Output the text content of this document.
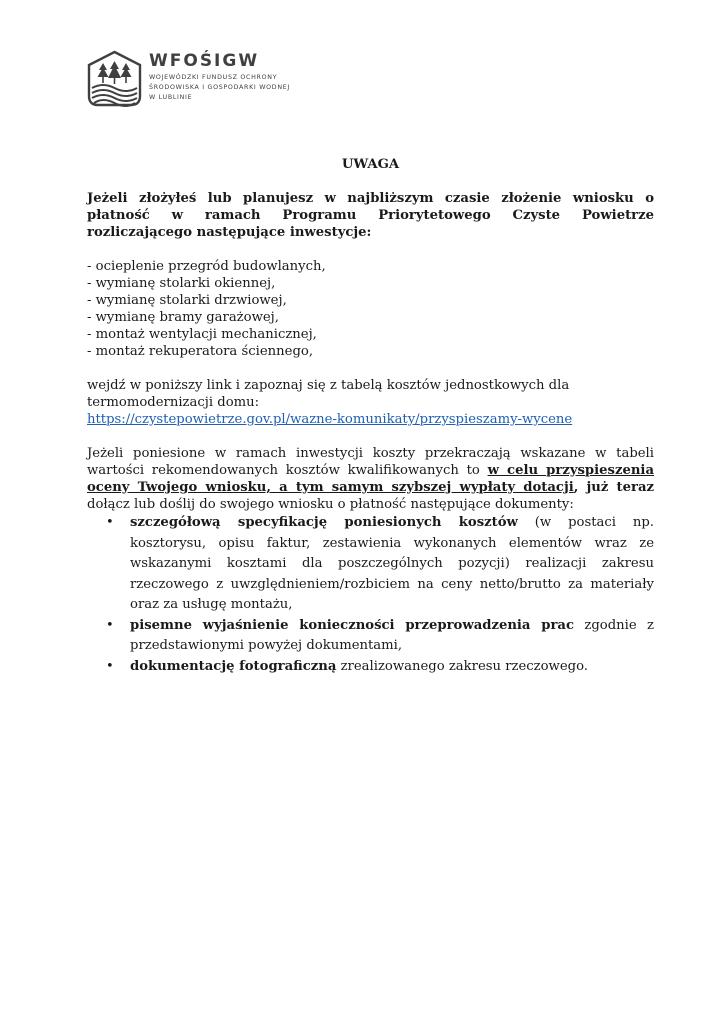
WFOŚIGW
WOJEWÓDZKI FUNDUSZ OCHRONY
ŚRODOWISKA I GOSPODARKI WODNEJ
W LUBLINIE
UWAGA

Jeżeli złożyłeś lub planujesz w najbliższym czasie złożenie wniosku o płatność w ramach Programu Priorytetowego Czyste Powietrze rozliczającego następujące inwestycje:

- ocieplenie przegród budowlanych,
- wymianę stolarki okiennej,
- wymianę stolarki drzwiowej,
- wymianę bramy garażowej,
- montaż wentylacji mechanicznej,
- montaż rekuperatora ściennego,

wejdź w poniższy link i zapoznaj się z tabelą kosztów jednostkowych dla termomodernizacji domu:

https://czystepowietrze.gov.pl/wazne-komunikaty/przyspieszamy-wycene

Jeżeli poniesione w ramach inwestycji koszty przekraczają wskazane w tabeli wartości rekomendowanych kosztów kwalifikowanych to w celu przyspieszenia oceny Twojego wniosku, a tym samym szybszej wypłaty dotacji, już teraz dołącz lub doślij do swojego wniosku o płatność następujące dokumenty:

• szczegółową specyfikację poniesionych kosztów (w postaci np. kosztorysu, opisu faktur, zestawienia wykonanych elementów wraz ze wskazanymi kosztami dla poszczególnych pozycji) realizacji zakresu rzeczowego z uwzględnieniem/rozbiciem na ceny netto/brutto za materiały oraz za usługę montażu,
• pisemne wyjaśnienie konieczności przeprowadzenia prac zgodnie z przedstawionymi powyżej dokumentami,
• dokumentację fotograficzną zrealizowanego zakresu rzeczowego.
